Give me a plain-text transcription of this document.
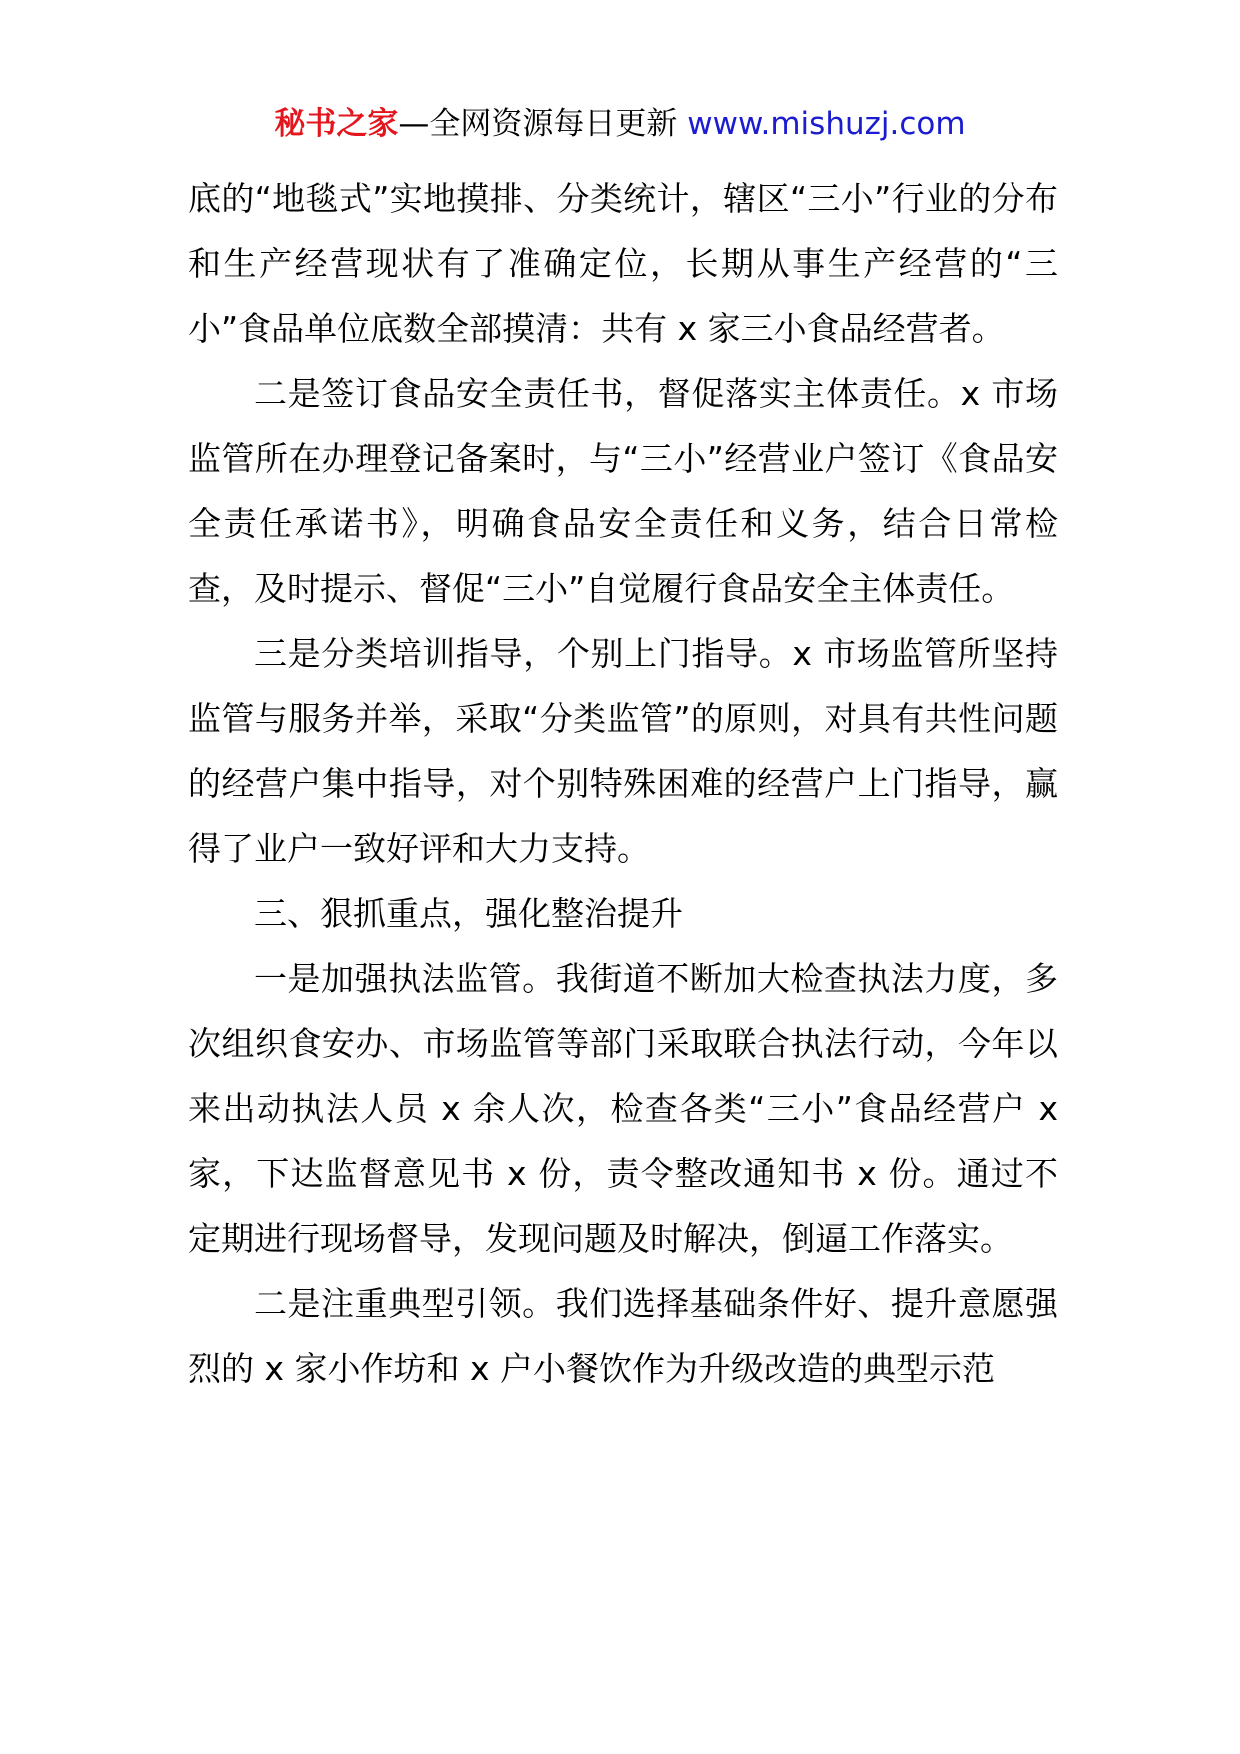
秘书之家—全网资源每日更新 www.mishuzj.com

底的“地毯式”实地摸排、分类统计，辖区“三小”行业的分布和生产经营现状有了准确定位，长期从事生产经营的“三小”食品单位底数全部摸清：共有 x 家三小食品经营者。

二是签订食品安全责任书，督促落实主体责任。x 市场监管所在办理登记备案时，与“三小”经营业户签订《食品安全责任承诺书》，明确食品安全责任和义务，结合日常检查，及时提示、督促“三小”自觉履行食品安全主体责任。

三是分类培训指导，个别上门指导。x 市场监管所坚持监管与服务并举，采取“分类监管”的原则，对具有共性问题的经营户集中指导，对个别特殊困难的经营户上门指导，赢得了业户一致好评和大力支持。

三、狠抓重点，强化整治提升

一是加强执法监管。我街道不断加大检查执法力度，多次组织食安办、市场监管等部门采取联合执法行动，今年以来出动执法人员 x 余人次，检查各类“三小”食品经营户 x 家，下达监督意见书 x 份，责令整改通知书 x 份。通过不定期进行现场督导，发现问题及时解决，倒逼工作落实。

二是注重典型引领。我们选择基础条件好、提升意愿强烈的 x 家小作坊和 x 户小餐饮作为升级改造的典型示范
